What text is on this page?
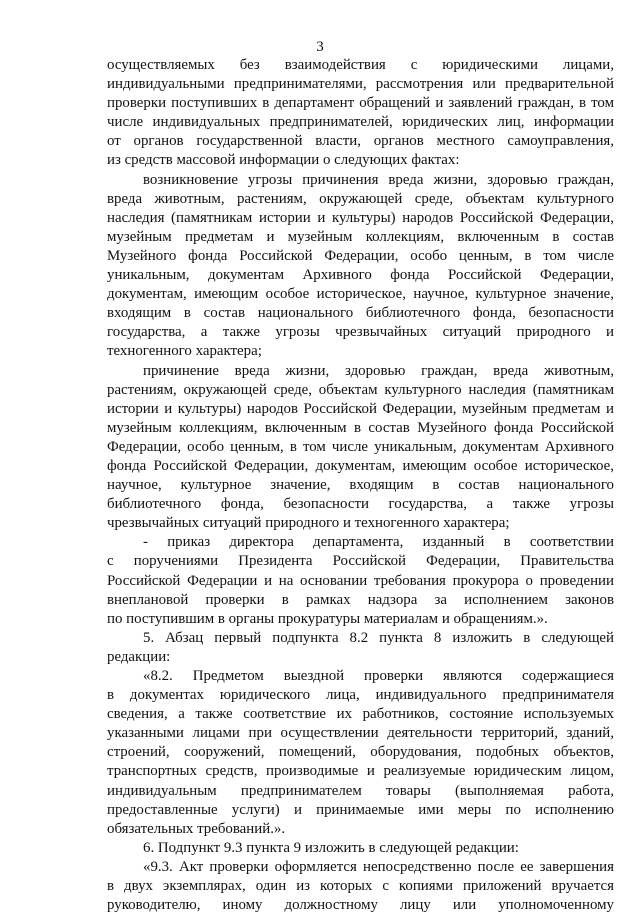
3
осуществляемых без взаимодействия с юридическими лицами,
индивидуальными предпринимателями, рассмотрения или предварительной
проверки поступивших в департамент обращений и заявлений граждан, в том
числе индивидуальных предпринимателей, юридических лиц, информации
от органов государственной власти, органов местного самоуправления,
из средств массовой информации о следующих фактах:
возникновение угрозы причинения вреда жизни, здоровью граждан,
вреда животным, растениям, окружающей среде, объектам культурного
наследия (памятникам истории и культуры) народов Российской Федерации,
музейным предметам и музейным коллекциям, включенным в состав
Музейного фонда Российской Федерации, особо ценным, в том числе
уникальным, документам Архивного фонда Российской Федерации,
документам, имеющим особое историческое, научное, культурное значение,
входящим в состав национального библиотечного фонда, безопасности
государства, а также угрозы чрезвычайных ситуаций природного и
техногенного характера;
причинение вреда жизни, здоровью граждан, вреда животным,
растениям, окружающей среде, объектам культурного наследия (памятникам
истории и культуры) народов Российской Федерации, музейным предметам и
музейным коллекциям, включенным в состав Музейного фонда Российской
Федерации, особо ценным, в том числе уникальным, документам Архивного
фонда Российской Федерации, документам, имеющим особое историческое,
научное, культурное значение, входящим в состав национального
библиотечного фонда, безопасности государства, а также угрозы
чрезвычайных ситуаций природного и техногенного характера;
- приказ директора департамента, изданный в соответствии
с поручениями Президента Российской Федерации, Правительства
Российской Федерации и на основании требования прокурора о проведении
внеплановой проверки в рамках надзора за исполнением законов
по поступившим в органы прокуратуры материалам и обращениям.».
5. Абзац первый подпункта 8.2 пункта 8 изложить в следующей
редакции:
«8.2. Предметом выездной проверки являются содержащиеся
в документах юридического лица, индивидуального предпринимателя
сведения, а также соответствие их работников, состояние используемых
указанными лицами при осуществлении деятельности территорий, зданий,
строений, сооружений, помещений, оборудования, подобных объектов,
транспортных средств, производимые и реализуемые юридическим лицом,
индивидуальным предпринимателем товары (выполняемая работа,
предоставленные услуги) и принимаемые ими меры по исполнению
обязательных требований.».
6. Подпункт 9.3 пункта 9 изложить в следующей редакции:
«9.3. Акт проверки оформляется непосредственно после ее завершения
в двух экземплярах, один из которых с копиями приложений вручается
руководителю, иному должностному лицу или уполномоченному
